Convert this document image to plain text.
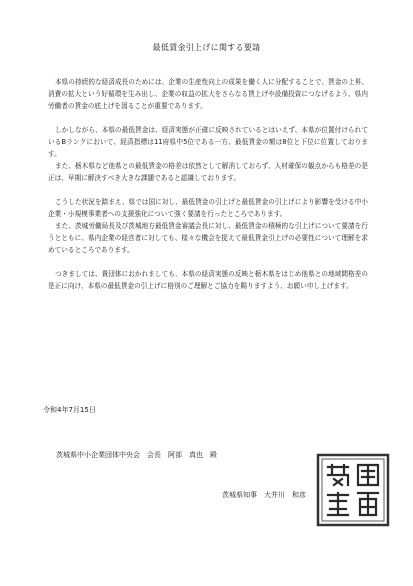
最低賃金引上げに関する要請

本県の持続的な経済成長のためには、企業の生産性向上の成果を働く人に分配することで、賃金の上昇、消費の拡大という好循環を生み出し、企業の収益の拡大をさらなる賃上げや設備投資につなげるよう、県内労働者の賃金の底上げを図ることが重要であります。

しかしながら、本県の最低賃金は、経済実態が正確に反映されているとはいえず、本県が位置付けられているBランクにおいて、経済指標は11府県中5位である一方、最低賃金の額は8位と下位に位置しております。

また、栃木県など他県との最低賃金の格差は依然として解消しておらず、人材確保の観点からも格差の是正は、早期に解決すべき大きな課題であると認識しております。

こうした状況を踏まえ、県では国に対し、最低賃金の引上げと最低賃金の引上げにより影響を受ける中小企業・小規模事業者への支援強化について強く要請を行ったところであります。

また、茨城労働局長及び茨城地方最低賃金審議会長に対し、最低賃金の積極的な引上げについて要請を行うとともに、県内企業の経営者に対しても、様々な機会を捉えて最低賃金引上げの必要性について理解を求めているところであります。

つきましては、貴団体におかれましても、本県の経済実態の反映と栃木県をはじめ他県との地域間格差の是正に向け、本県の最低賃金の引上げに格別のご理解とご協力を賜りますよう、お願い申し上げます。

令和4年7月15日
茨城県中小企業団体中央会　会長　阿部　真也　殿
茨城県知事　大井川　和彦
